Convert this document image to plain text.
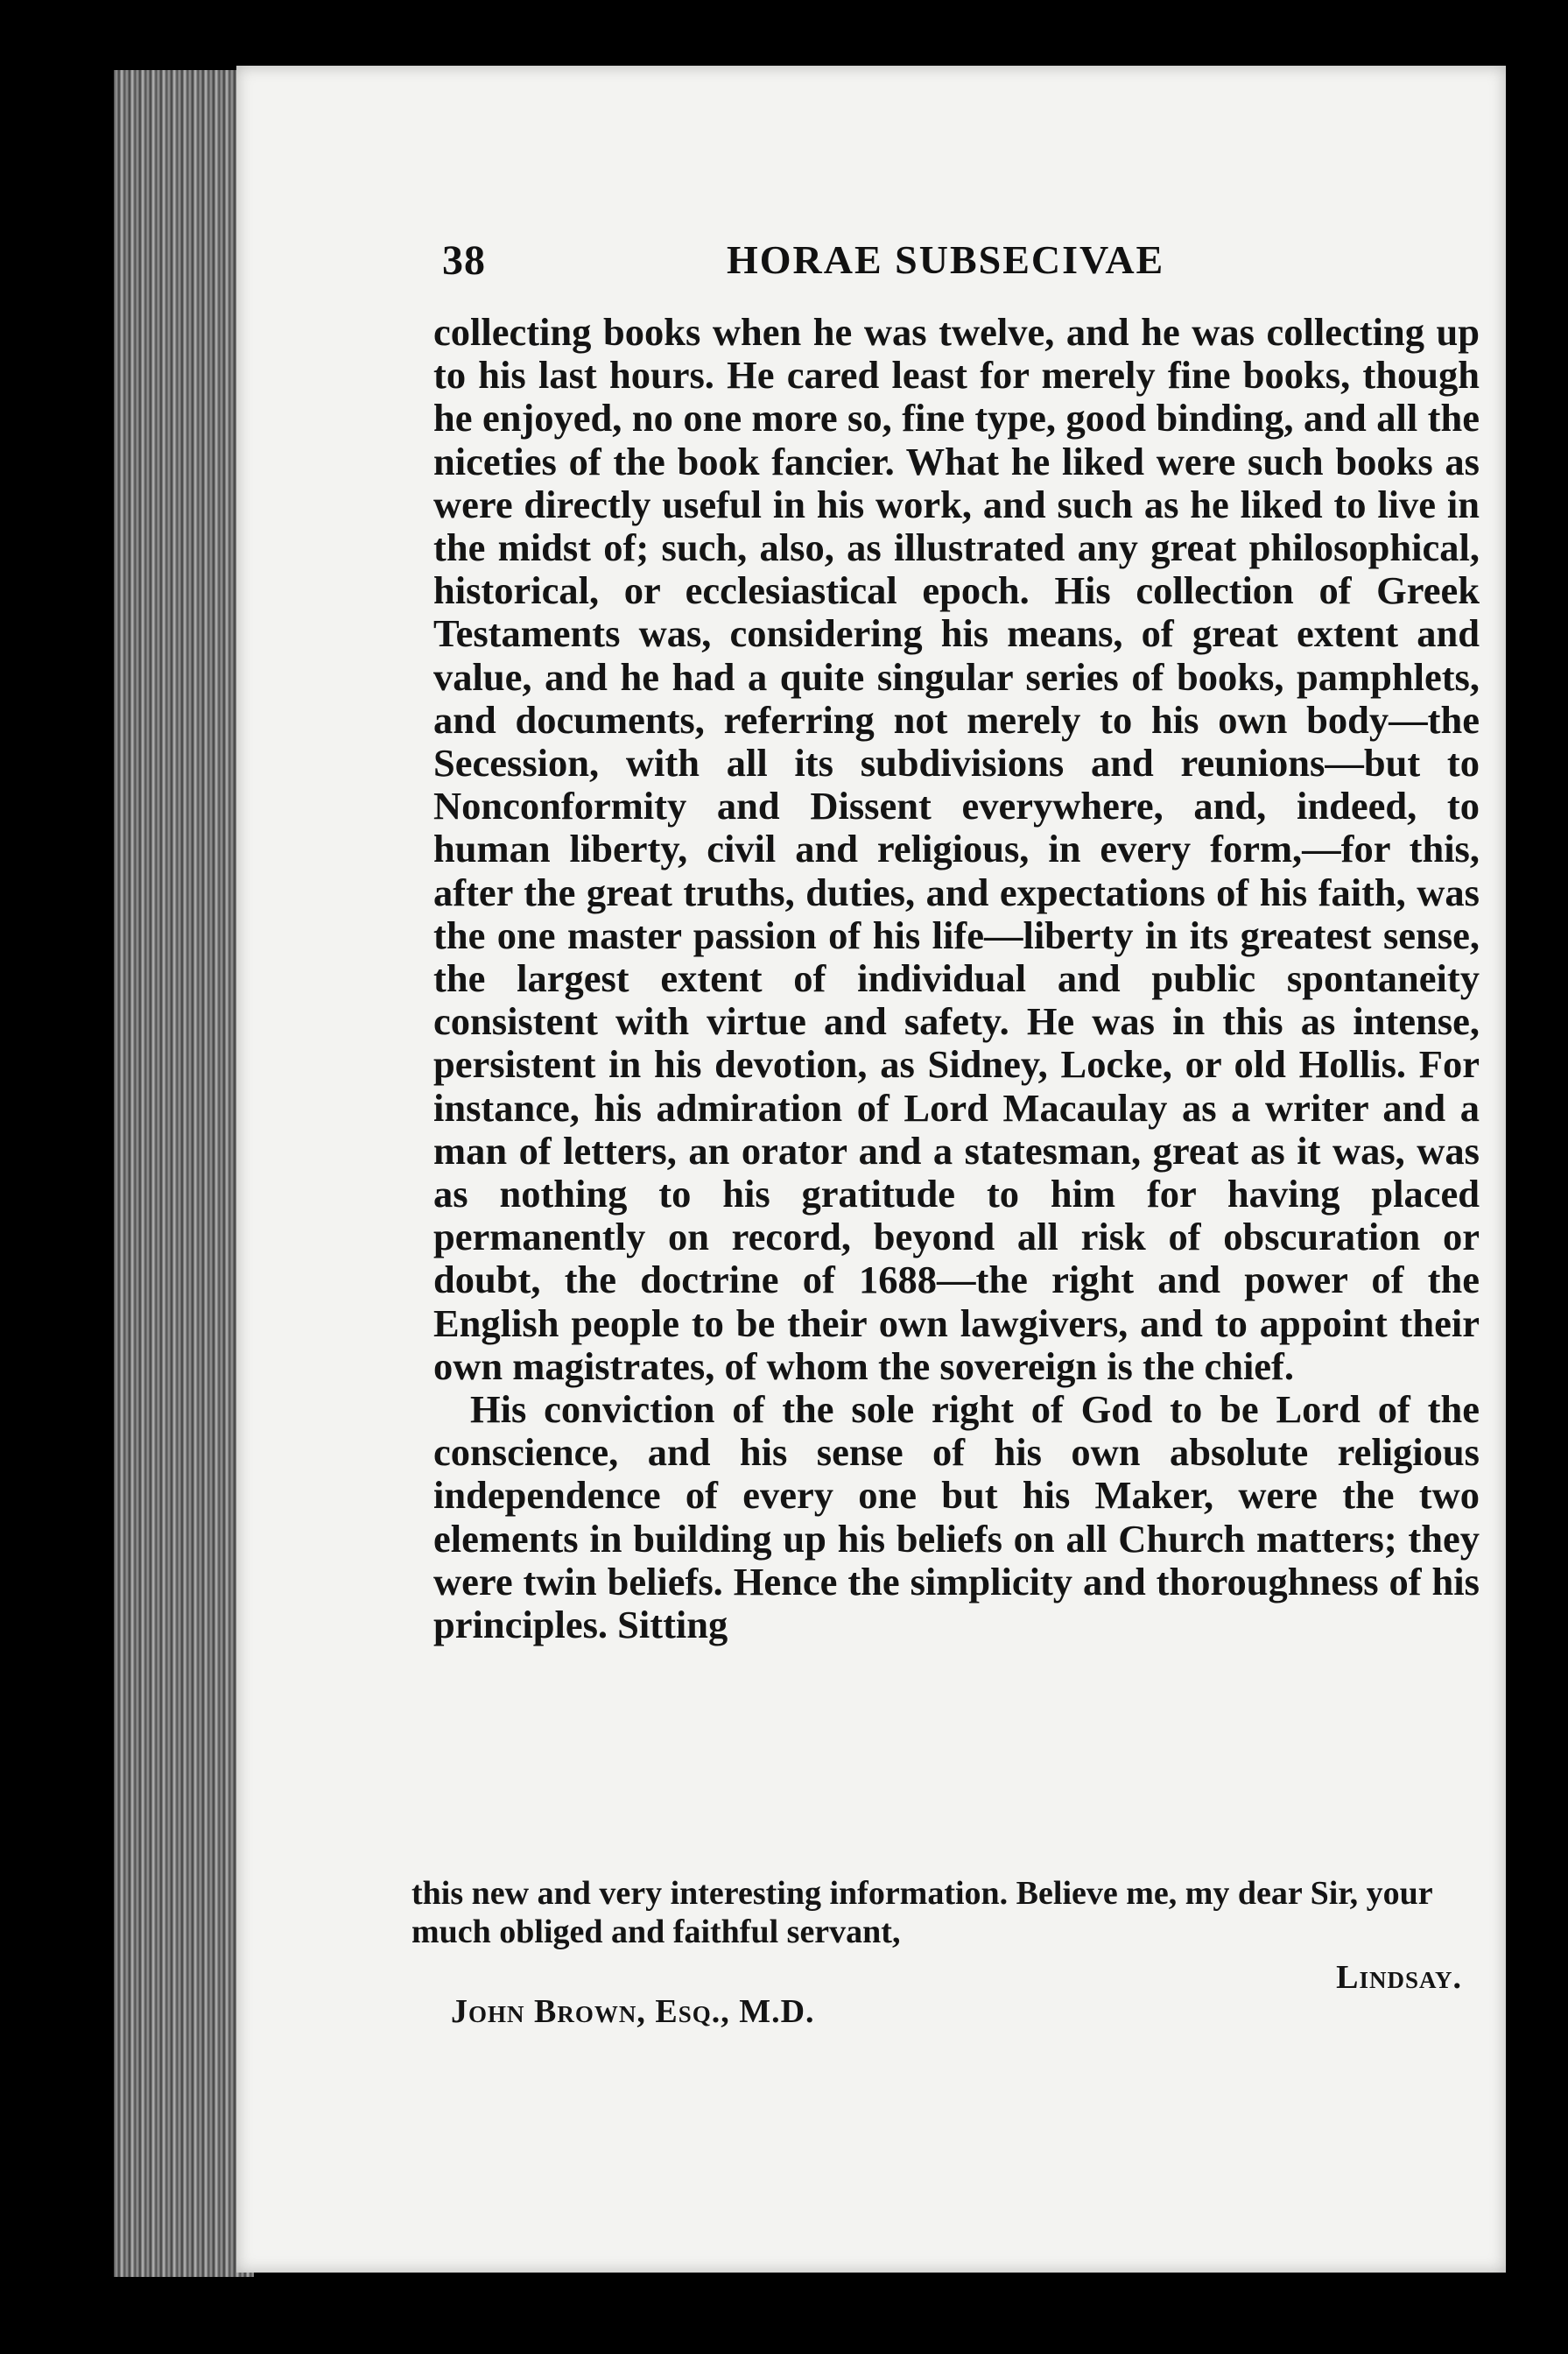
38	HORAE SUBSECIVAE

collecting books when he was twelve, and he was collecting up to his last hours. He cared least for merely fine books, though he enjoyed, no one more so, fine type, good binding, and all the niceties of the book fancier. What he liked were such books as were directly useful in his work, and such as he liked to live in the midst of; such, also, as illustrated any great philosophical, historical, or ecclesiastical epoch. His collection of Greek Testaments was, considering his means, of great extent and value, and he had a quite singular series of books, pamphlets, and documents, referring not merely to his own body—the Secession, with all its subdivisions and reunions—but to Nonconformity and Dissent everywhere, and, indeed, to human liberty, civil and religious, in every form,—for this, after the great truths, duties, and expectations of his faith, was the one master passion of his life—liberty in its greatest sense, the largest extent of individual and public spontaneity consistent with virtue and safety. He was in this as intense, persistent in his devotion, as Sidney, Locke, or old Hollis. For instance, his admiration of Lord Macaulay as a writer and a man of letters, an orator and a statesman, great as it was, was as nothing to his gratitude to him for having placed permanently on record, beyond all risk of obscuration or doubt, the doctrine of 1688—the right and power of the English people to be their own lawgivers, and to appoint their own magistrates, of whom the sovereign is the chief.

His conviction of the sole right of God to be Lord of the conscience, and his sense of his own absolute religious independence of every one but his Maker, were the two elements in building up his beliefs on all Church matters; they were twin beliefs. Hence the simplicity and thoroughness of his principles. Sitting

this new and very interesting information. Believe me, my dear Sir, your much obliged and faithful servant,

Lindsay.

John Brown, Esq., M.D.
